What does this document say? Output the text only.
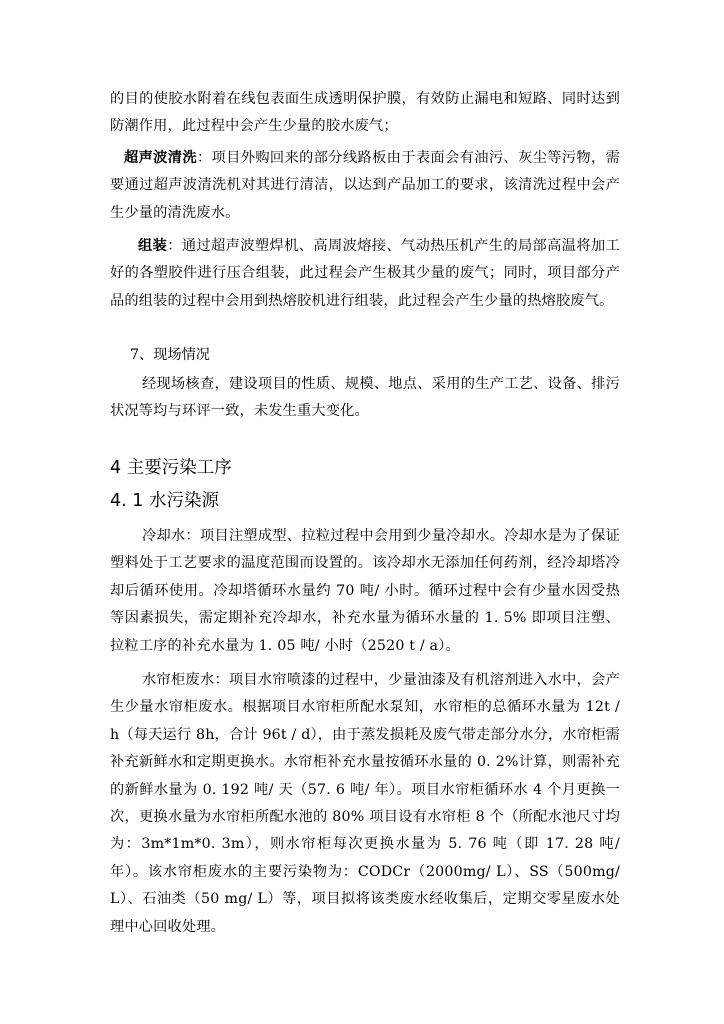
的目的使胶水附着在线包表面生成透明保护膜，有效防止漏电和短路、同时达到防潮作用，此过程中会产生少量的胶水废气；

超声波清洗：项目外购回来的部分线路板由于表面会有油污、灰尘等污物，需要通过超声波清洗机对其进行清洁，以达到产品加工的要求，该清洗过程中会产生少量的清洗废水。

组装：通过超声波塑焊机、高周波熔接、气动热压机产生的局部高温将加工好的各塑胶件进行压合组装，此过程会产生极其少量的废气；同时，项目部分产品的组装的过程中会用到热熔胶机进行组装，此过程会产生少量的热熔胶废气。

7、现场情况

经现场核查，建设项目的性质、规模、地点、采用的生产工艺、设备、排污状况等均与环评一致，未发生重大变化。

4 主要污染工序
4. 1 水污染源

冷却水：项目注塑成型、拉粒过程中会用到少量冷却水。冷却水是为了保证塑料处于工艺要求的温度范围而设置的。该冷却水无添加任何药剂，经冷却塔冷却后循环使用。冷却塔循环水量约 70 吨/ 小时。循环过程中会有少量水因受热等因素损失，需定期补充冷却水，补充水量为循环水量的 1. 5% 即项目注塑、拉粒工序的补充水量为 1. 05 吨/ 小时（2520 t / a）。

水帘柜废水：项目水帘喷漆的过程中，少量油漆及有机溶剂进入水中，会产生少量水帘柜废水。根据项目水帘柜所配水泵知，水帘柜的总循环水量为 12t / h（每天运行 8h，合计 96t / d），由于蒸发损耗及废气带走部分水分，水帘柜需补充新鲜水和定期更换水。水帘柜补充水量按循环水量的 0. 2%计算，则需补充的新鲜水量为 0. 192 吨/ 天（57. 6 吨/ 年）。项目水帘柜循环水 4 个月更换一次，更换水量为水帘柜所配水池的 80% 项目设有水帘柜 8 个（所配水池尺寸均为：3m*1m*0. 3m），则水帘柜每次更换水量为 5. 76 吨（即 17. 28 吨/ 年）。该水帘柜废水的主要污染物为：CODCr（2000mg/ L）、SS（500mg/ L）、石油类（50 mg/ L）等，项目拟将该类废水经收集后，定期交零星废水处理中心回收处理。
